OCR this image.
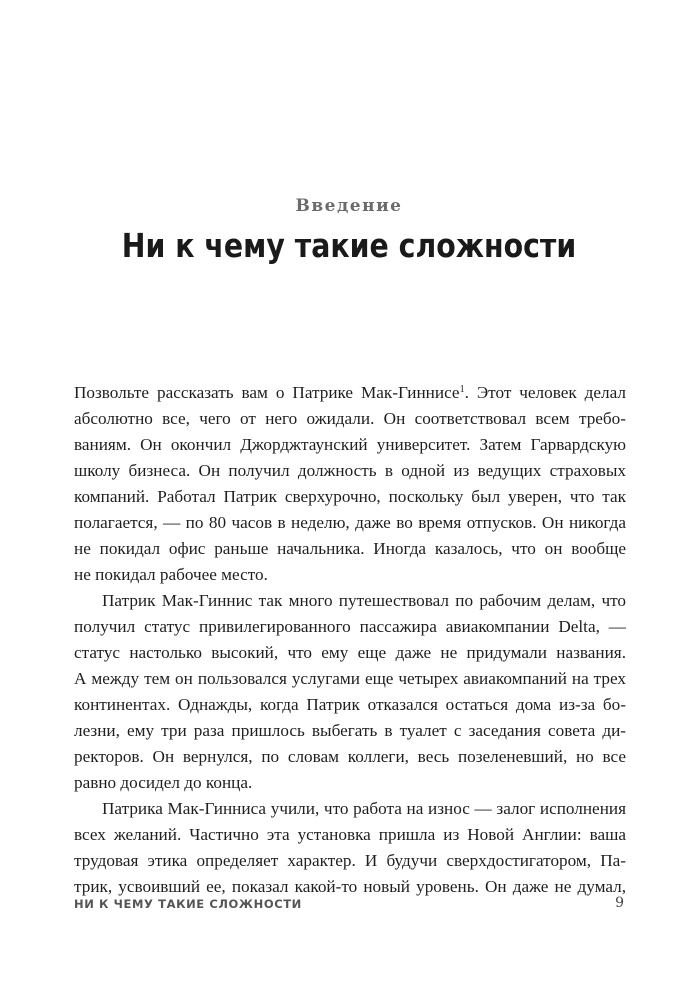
Введение
Ни к чему такие сложности
Позвольте рассказать вам о Патрике Мак-Гиннисе$^1$. Этот человек делал
абсолютно все, чего от него ожидали. Он соответствовал всем требо-
ваниям. Он окончил Джорджтаунский университет. Затем Гарвардскую
школу бизнеса. Он получил должность в одной из ведущих страховых
компаний. Работал Патрик сверхурочно, поскольку был уверен, что так
полагается, — по 80 часов в неделю, даже во время отпусков. Он никогда
не покидал офис раньше начальника. Иногда казалось, что он вообще
не покидал рабочее место.
Патрик Мак-Гиннис так много путешествовал по рабочим делам, что
получил статус привилегированного пассажира авиакомпании Delta, —
статус настолько высокий, что ему еще даже не придумали названия.
А между тем он пользовался услугами еще четырех авиакомпаний на трех
континентах. Однажды, когда Патрик отказался остаться дома из-за бо-
лезни, ему три раза пришлось выбегать в туалет с заседания совета ди-
ректоров. Он вернулся, по словам коллеги, весь позеленевший, но все
равно досидел до конца.
Патрика Мак-Гинниса учили, что работа на износ — залог исполнения
всех желаний. Частично эта установка пришла из Новой Англии: ваша
трудовая этика определяет характер. И будучи сверхдостигатором, Па-
трик, усвоивший ее, показал какой-то новый уровень. Он даже не думал,
НИ К ЧЕМУ ТАКИЕ СЛОЖНОСТИ	9
